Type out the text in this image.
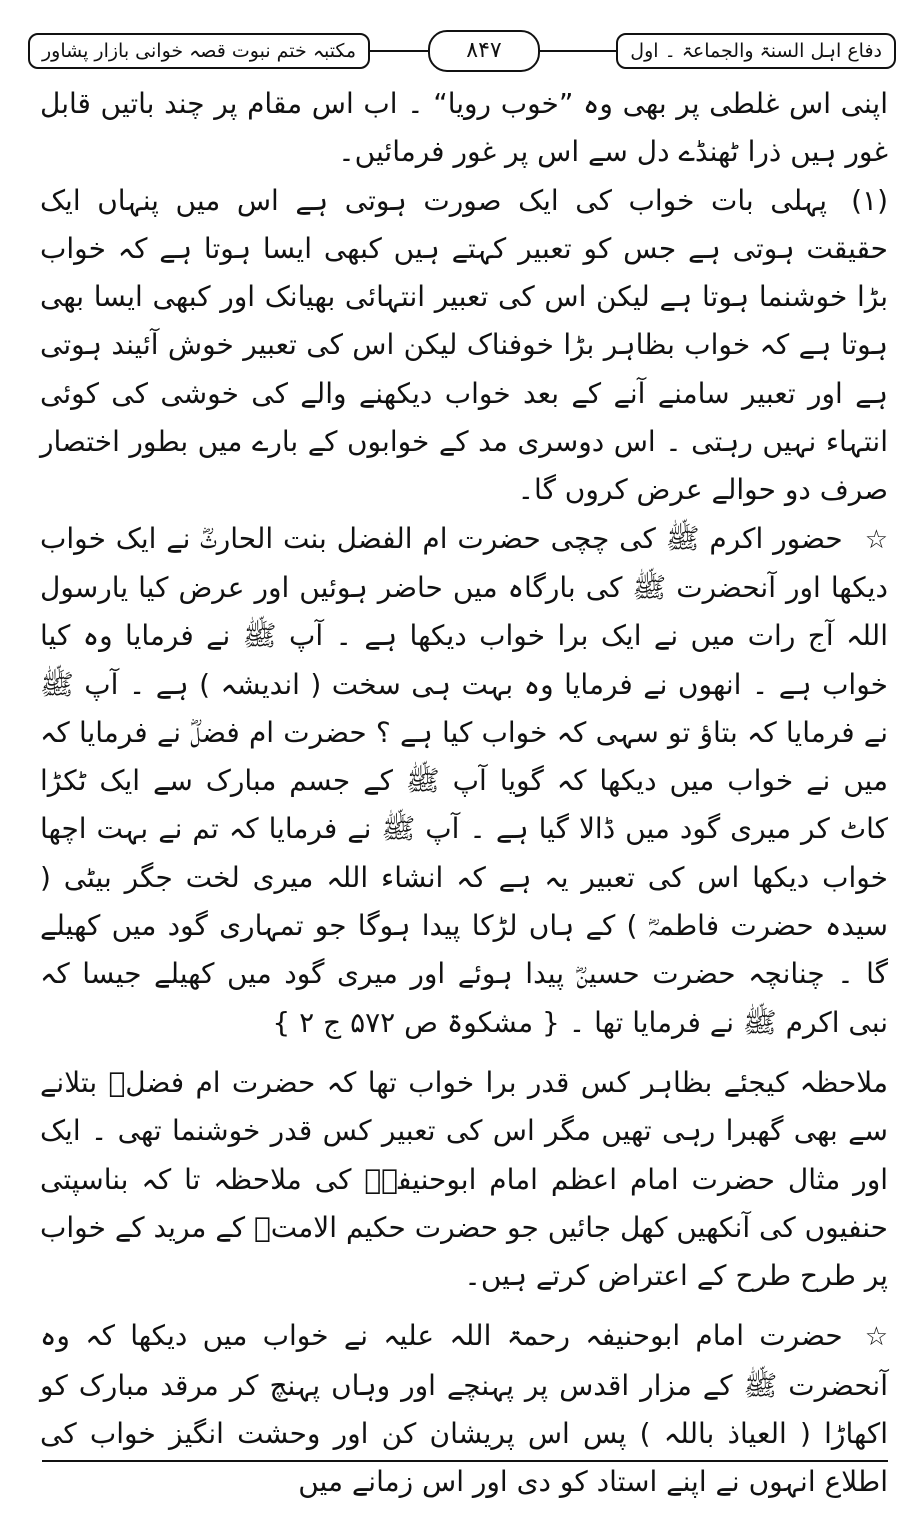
دفاع اہل السنۃ والجماعۃ ۔ اول
۸۴۷
مکتبہ ختم نبوت قصہ خوانی بازار پشاور

اپنی اس غلطی پر بھی وہ ”خوب رویا“ ۔ اب اس مقام پر چند باتیں قابل غور ہیں ذرا ٹھنڈے دل سے اس پر غور فرمائیں۔

(۱)پہلی بات خواب کی ایک صورت ہوتی ہے اس میں پنہاں ایک حقیقت ہوتی ہے جس کو تعبیر کہتے ہیں کبھی ایسا ہوتا ہے کہ خواب بڑا خوشنما ہوتا ہے لیکن اس کی تعبیر انتہائی بھیانک اور کبھی ایسا بھی ہوتا ہے کہ خواب بظاہر بڑا خوفناک لیکن اس کی تعبیر خوش آئیند ہوتی ہے اور تعبیر سامنے آنے کے بعد خواب دیکھنے والے کی خوشی کی کوئی انتہاء نہیں رہتی ۔ اس دوسری مد کے خوابوں کے بارے میں بطور اختصار صرف دو حوالے عرض کروں گا۔

☆حضور اکرم ﷺ کی چچی حضرت ام الفضل بنت الحارثؓ نے ایک خواب دیکھا اور آنحضرت ﷺ کی بارگاہ میں حاضر ہوئیں اور عرض کیا یارسول اللہ آج رات میں نے ایک برا خواب دیکھا ہے ۔ آپ ﷺ نے فرمایا وہ کیا خواب ہے ۔ انھوں نے فرمایا وہ بہت ہی سخت ( اندیشہ ) ہے ۔ آپ ﷺ نے فرمایا کہ بتاؤ تو سہی کہ خواب کیا ہے ؟ حضرت ام فضلؓ نے فرمایا کہ میں نے خواب میں دیکھا کہ گویا آپ ﷺ کے جسم مبارک سے ایک ٹکڑا کاٹ کر میری گود میں ڈالا گیا ہے ۔ آپ ﷺ نے فرمایا کہ تم نے بہت اچھا خواب دیکھا اس کی تعبیر یہ ہے کہ انشاء اللہ میری لخت جگر بیٹی ( سیدہ حضرت فاطمہؓ ) کے ہاں لڑکا پیدا ہوگا جو تمہاری گود میں کھیلے گا ۔ چنانچہ حضرت حسینؓ پیدا ہوئے اور میری گود میں کھیلے جیسا کہ نبی اکرم ﷺ نے فرمایا تھا ۔ { مشکوۃ ص ۵۷۲ ج ۲ }

ملاحظہ کیجئے بظاہر کس قدر برا خواب تھا کہ حضرت ام فضلؓ بتلانے سے بھی گھبرا رہی تھیں مگر اس کی تعبیر کس قدر خوشنما تھی ۔ ایک اور مثال حضرت امام اعظم امام ابوحنیفہؒ کی ملاحظہ تا کہ بناسپتی حنفیوں کی آنکھیں کھل جائیں جو حضرت حکیم الامتؒ کے مرید کے خواب پر طرح طرح کے اعتراض کرتے ہیں۔

☆حضرت امام ابوحنیفہ رحمۃ اللہ علیہ نے خواب میں دیکھا کہ وہ آنحضرت ﷺ کے مزار اقدس پر پہنچے اور وہاں پہنچ کر مرقد مبارک کو اکھاڑا ( العیاذ باللہ ) پس اس پریشان کن اور وحشت انگیز خواب کی اطلاع انہوں نے اپنے استاد کو دی اور اس زمانے میں
